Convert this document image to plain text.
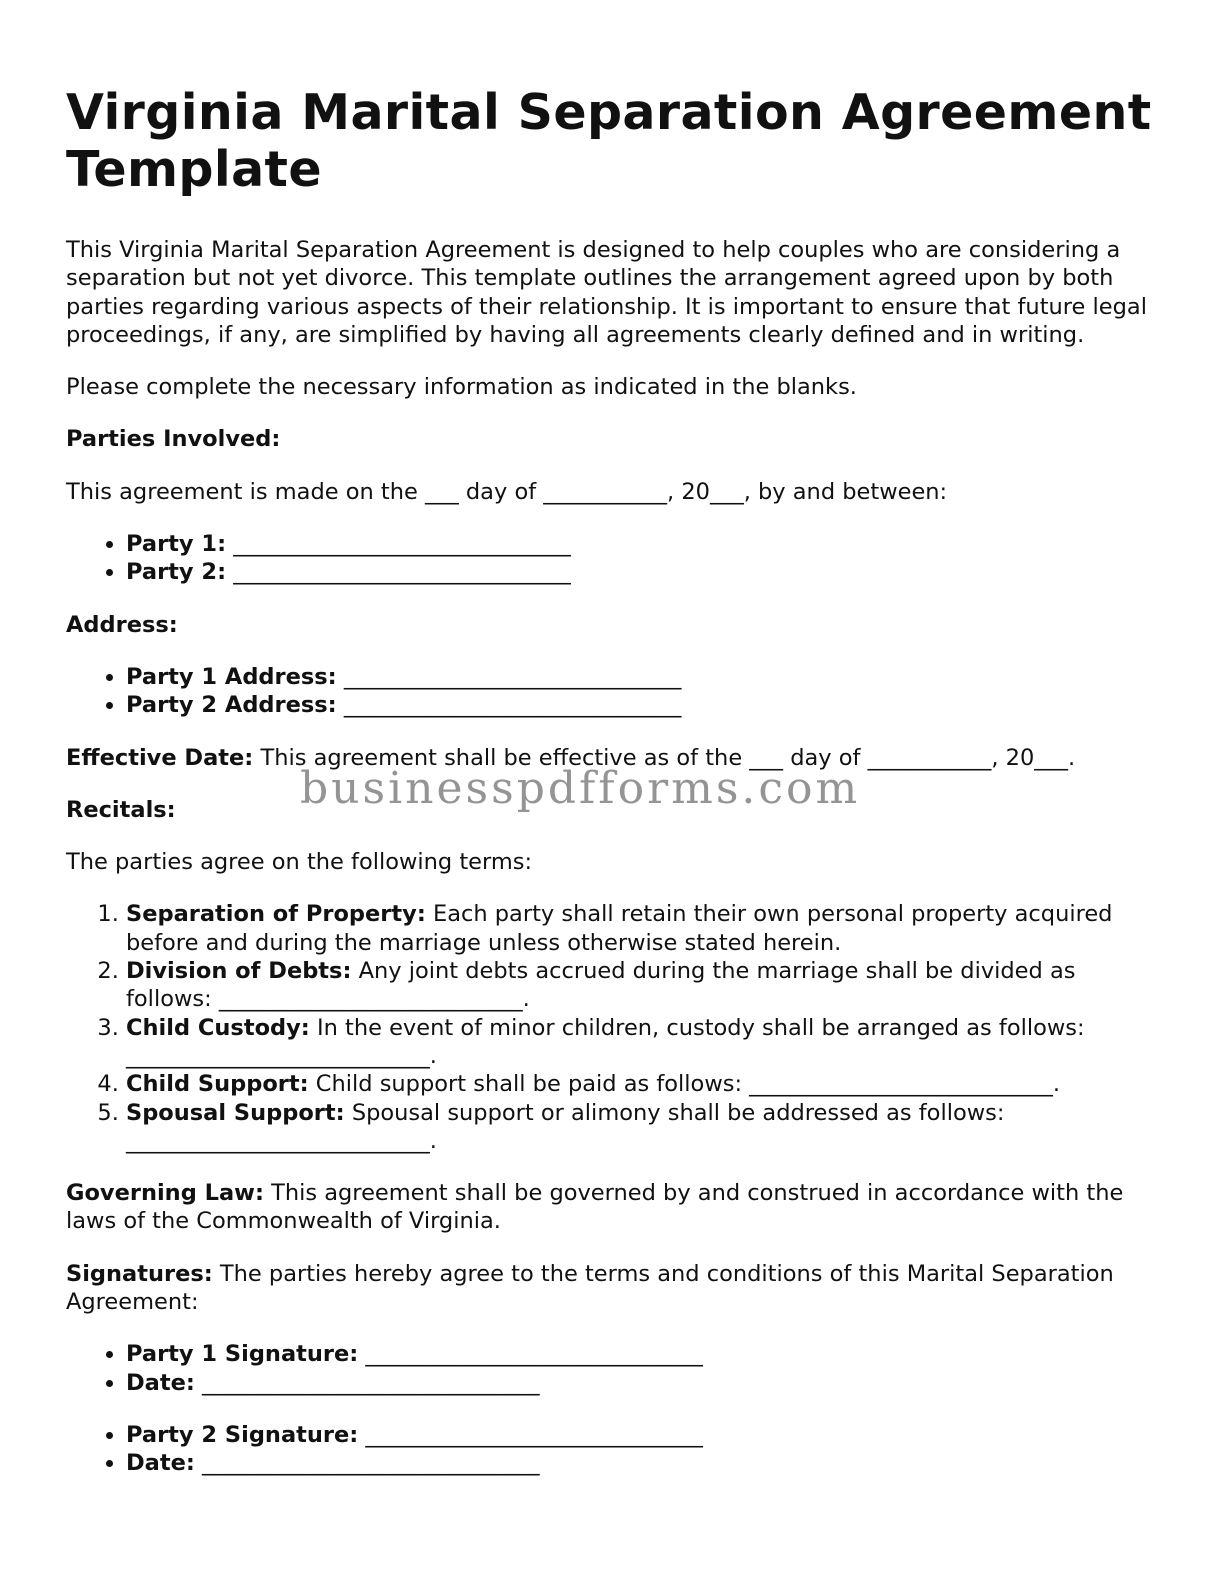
Virginia Marital Separation Agreement Template

This Virginia Marital Separation Agreement is designed to help couples who are considering a separation but not yet divorce. This template outlines the arrangement agreed upon by both parties regarding various aspects of their relationship. It is important to ensure that future legal proceedings, if any, are simplified by having all agreements clearly defined and in writing.

Please complete the necessary information as indicated in the blanks.

Parties Involved:

This agreement is made on the ___ day of ___________, 20___, by and between:

• Party 1: ______________________________
• Party 2: ______________________________

Address:

• Party 1 Address: ______________________________
• Party 2 Address: ______________________________

Effective Date: This agreement shall be effective as of the ___ day of ___________, 20___.

Recitals:

The parties agree on the following terms:

1. Separation of Property: Each party shall retain their own personal property acquired before and during the marriage unless otherwise stated herein.
2. Division of Debts: Any joint debts accrued during the marriage shall be divided as follows: ___________________________.
3. Child Custody: In the event of minor children, custody shall be arranged as follows: ___________________________.
4. Child Support: Child support shall be paid as follows: ___________________________.
5. Spousal Support: Spousal support or alimony shall be addressed as follows: ___________________________.

Governing Law: This agreement shall be governed by and construed in accordance with the laws of the Commonwealth of Virginia.

Signatures: The parties hereby agree to the terms and conditions of this Marital Separation Agreement:

• Party 1 Signature: ______________________________
• Date: ______________________________
• Party 2 Signature: ______________________________
• Date: ______________________________
businesspdfforms.com
